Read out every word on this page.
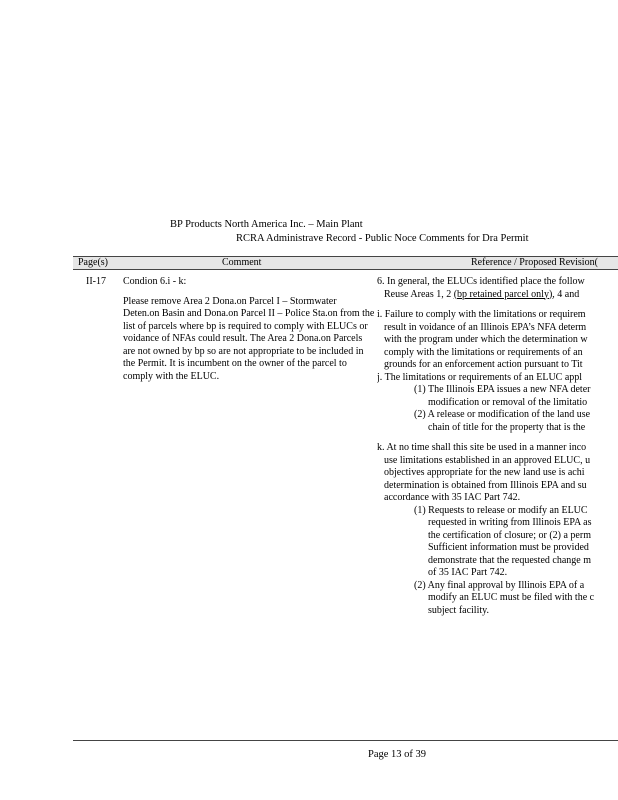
BP Products North America Inc. – Main Plant
RCRA Administrave Record - Public Noce Comments for Dra Permit
Page(s)	Comment	Reference / Proposed Revision(
II-17 Condion 6.i - k:

Please remove Area 2 Dona.on Parcel I – Stormwater Deten.on Basin and Dona.on Parcel II – Police Sta.on from the list of parcels where bp is required to comply with ELUCs or voidance of NFAs could result. The Area 2 Dona.on Parcels are not owned by bp so are not appropriate to be included in the Permit. It is incumbent on the owner of the parcel to comply with the ELUC.

6. In general, the ELUCs identified place the follow

Reuse Areas 1, 2 (bp retained parcel only), 4 and

i. Failure to comply with the limitations or requirem

result in voidance of an Illinois EPA’s NFA determ

with the program under which the determination w

comply with the limitations or requirements of an

grounds for an enforcement action pursuant to Tit

j. The limitations or requirements of an ELUC appl

(1) The Illinois EPA issues a new NFA deter

modification or removal of the limitatio

(2) A release or modification of the land use

chain of title for the property that is the

k. At no time shall this site be used in a manner inco

use limitations established in an approved ELUC, u

objectives appropriate for the new land use is achi

determination is obtained from Illinois EPA and su

accordance with 35 IAC Part 742.

(1) Requests to release or modify an ELUC

requested in writing from Illinois EPA as

the certification of closure; or (2) a perm

Sufficient information must be provided

demonstrate that the requested change m

of 35 IAC Part 742.

(2) Any final approval by Illinois EPA of a

modify an ELUC must be filed with the c

subject facility.

Page 13 of 39
